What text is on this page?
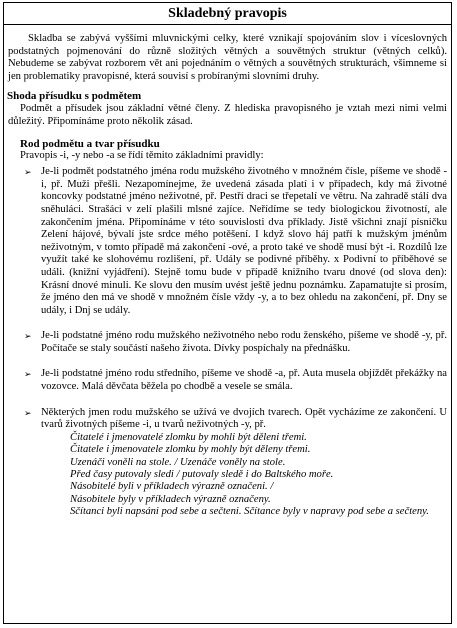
Skladebný pravopis

Skladba se zabývá vyššími mluvnickými celky, které vznikají spojováním slov i víceslovných podstatných pojmenování do různě složitých větných a souvětných struktur (větných celků). Nebudeme se zabývat rozborem vět ani pojednáním o větných a souvětných strukturách, všimneme si jen problematiky pravopisné, která souvisí s probíranými slovními druhy.

Shoda přísudku s podmětem

Podmět a přísudek jsou základní větné členy. Z hlediska pravopisného je vztah mezi nimi velmi důležitý. Připomínáme proto několik zásad.

Rod podmětu a tvar přísudku

Pravopis -i, -y nebo -a se řídí těmito základními pravidly:

➢ Je-li podmět podstatného jména rodu mužského životného v množném čísle, píšeme ve shodě -i, př. Muži přešli. Nezapomínejme, že uvedená zásada platí i v případech, kdy má životné koncovky podstatné jméno neživotné, př. Pestří draci se třepetalí ve větru. Na zahradě stálí dva sněhuláci. Strašáci v zelí plašili mlsné zajíce. Neřídíme se tedy biologickou životností, ale zakončením jména. Připomínáme v této souvislosti dva příklady. Jistě všichni znají písničku Zelení hájové, bývalí jste srdce mého potěšení. I když slovo háj patří k mužským jménům neživotným, v tomto případě má zakončení -ové, a proto také ve shodě musí být -i. Rozdílů lze využít také ke slohovému rozlišení, př. Udály se podivné příběhy. x Podivní to příběhové se událi. (knižní vyjádření). Stejně tomu bude v případě knižního tvaru dnové (od slova den): Krásní dnové minuli. Ke slovu den musím uvést ještě jednu poznámku. Zapamatujte si prosím, že jméno den má ve shodě v množném čísle vždy -y, a to bez ohledu na zakončení, př. Dny se udály, i Dnj se udály.
➢ Je-li podstatné jméno rodu mužského neživotného nebo rodu ženského, píšeme ve shodě -y, př. Počítače se staly součástí našeho života. Dívky pospíchaly na přednášku.
➢ Je-li podstatné jméno rodu středního, píšeme ve shodě -a, př. Auta musela objíždět překážky na vozovce. Malá děvčata běžela po chodbě a vesele se smála.
➢ Některých jmen rodu mužského se užívá ve dvojích tvarech. Opět vycházíme ze zakončení. U tvarů životných píšeme -i, u tvarů neživotných -y, př.
Čitatelé i jmenovatelé zlomku by mohli být děleni třemi.
Čitatele i jmenovatele zlomku by mohly být děleny třemi.
Uzenáči voněli na stole. / Uzenáče voněly na stole.
Před časy putovaly sledi / putovaly sledě i do Baltského moře.
Násobitelé byli v příkladech výrazně označeni. /
Násobitele byly v příkladech výrazně označeny.
Sčítanci byli napsáni pod sebe a sečteni. Sčítance byly v napravy pod sebe a sečteny.
